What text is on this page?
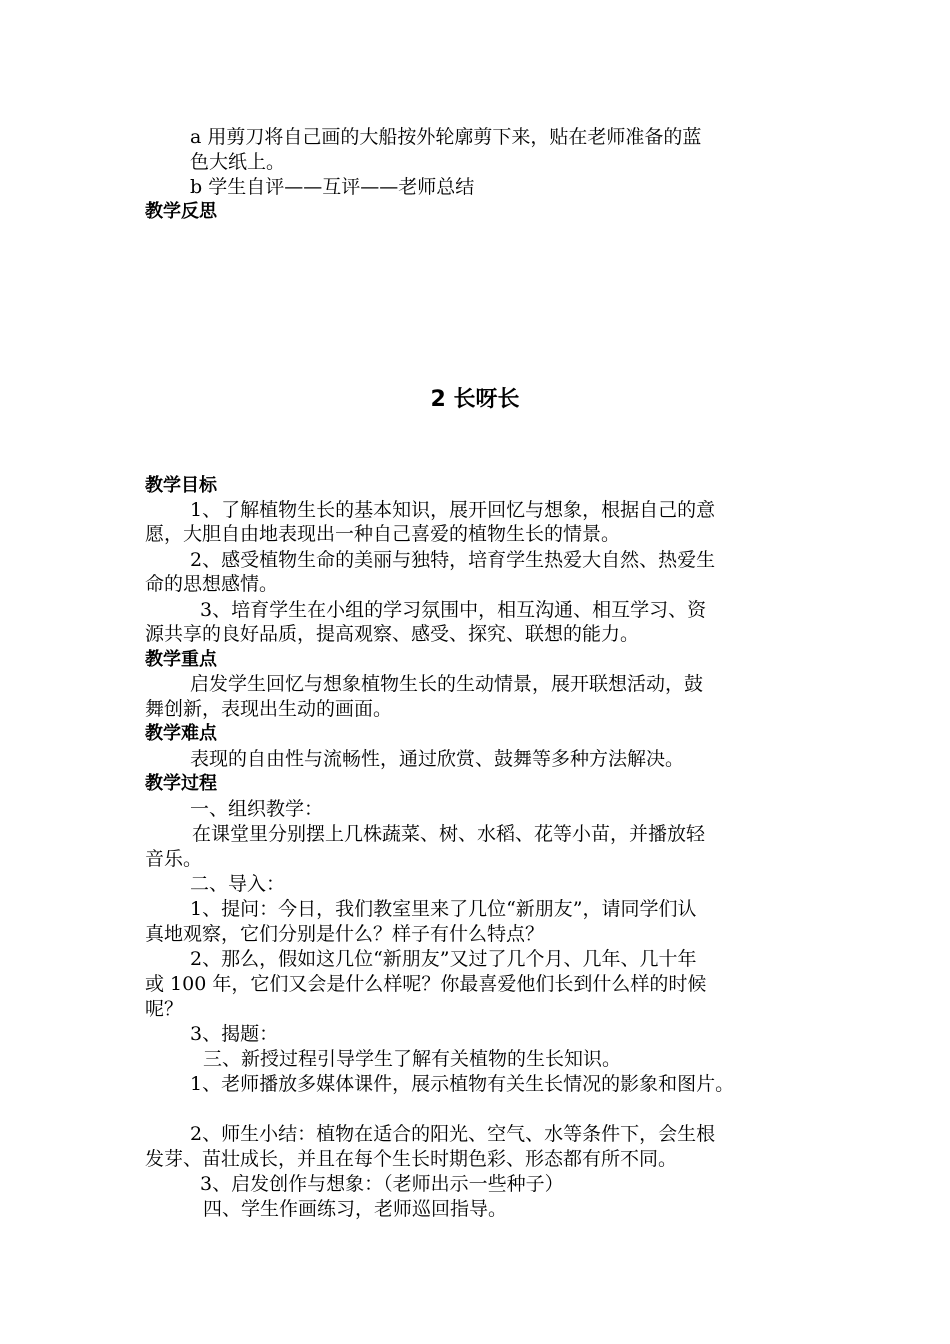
a 用剪刀将自己画的大船按外轮廓剪下来，贴在老师准备的蓝
色大纸上。
b 学生自评——互评——老师总结
教学反思
2 长呀长
教学目标
1、了解植物生长的基本知识，展开回忆与想象，根据自己的意
愿，大胆自由地表现出一种自己喜爱的植物生长的情景。
2、感受植物生命的美丽与独特，培育学生热爱大自然、热爱生
命的思想感情。
3、培育学生在小组的学习氛围中，相互沟通、相互学习、资
源共享的良好品质，提高观察、感受、探究、联想的能力。
教学重点
启发学生回忆与想象植物生长的生动情景，展开联想活动，鼓
舞创新，表现出生动的画面。
教学难点
表现的自由性与流畅性，通过欣赏、鼓舞等多种方法解决。
教学过程
一、组织教学：
在课堂里分别摆上几株蔬菜、树、水稻、花等小苗，并播放轻
音乐。
二、导入：
1、提问：今日，我们教室里来了几位“新朋友”，请同学们认
真地观察，它们分别是什么？样子有什么特点？
2、那么，假如这几位“新朋友”又过了几个月、几年、几十年
或 100 年，它们又会是什么样呢？你最喜爱他们长到什么样的时候
呢？
3、揭题：
三、新授过程引导学生了解有关植物的生长知识。
1、老师播放多媒体课件，展示植物有关生长情况的影象和图片。
2、师生小结：植物在适合的阳光、空气、水等条件下，会生根
发芽、苗壮成长，并且在每个生长时期色彩、形态都有所不同。
3、启发创作与想象：（老师出示一些种子）
四、学生作画练习，老师巡回指导。
